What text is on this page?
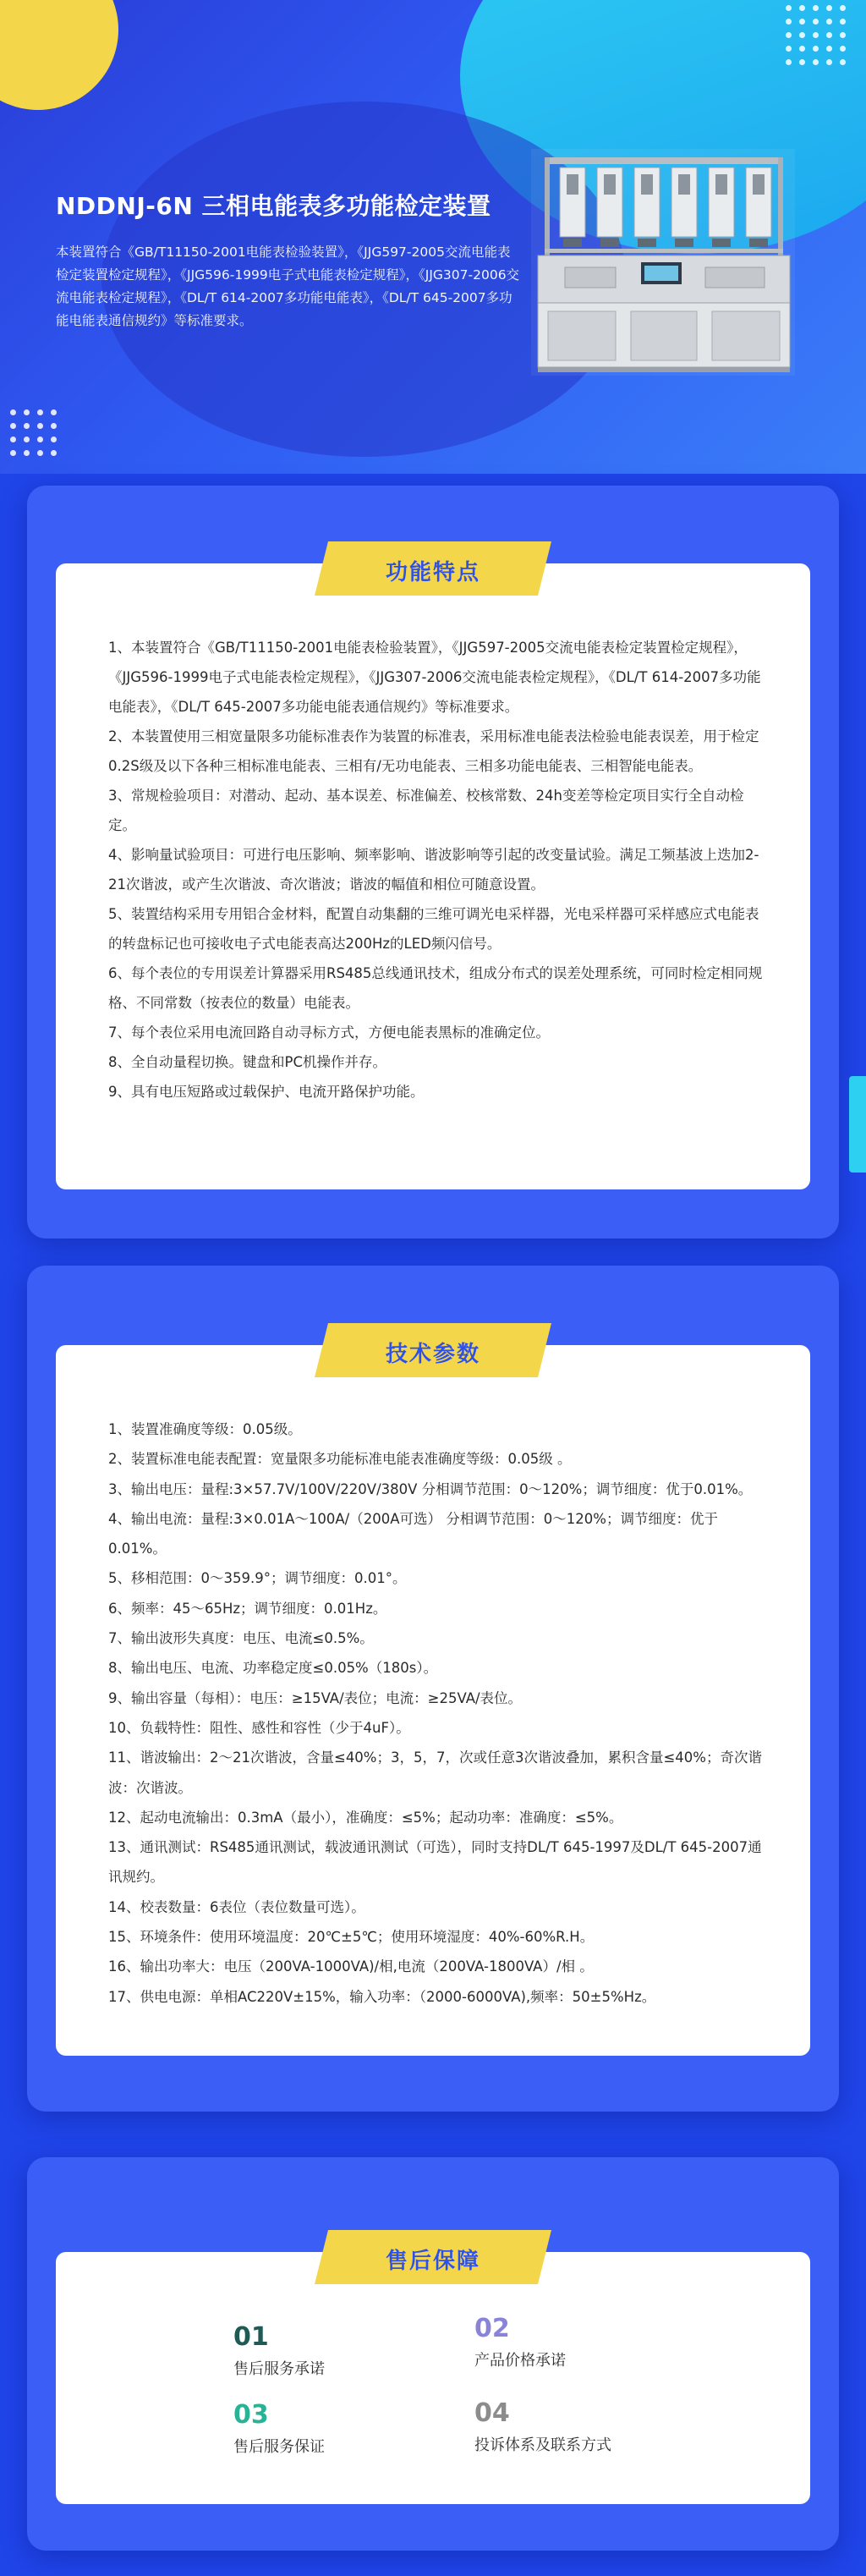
NDDNJ-6N 三相电能表多功能检定装置

本装置符合《GB/T11150-2001电能表检验装置》，《JJG597-2005交流电能表检定装置检定规程》，《JJG596-1999电子式电能表检定规程》，《JJG307-2006交流电能表检定规程》，《DL/T 614-2007多功能电能表》，《DL/T 645-2007多功能电能表通信规约》等标准要求。

功能特点
1、本装置符合《GB/T11150-2001电能表检验装置》，《JJG597-2005交流电能表检定装置检定规程》，《JJG596-1999电子式电能表检定规程》，《JJG307-2006交流电能表检定规程》，《DL/T 614-2007多功能电能表》，《DL/T 645-2007多功能电能表通信规约》等标准要求。
2、本装置使用三相宽量限多功能标准表作为装置的标准表，采用标准电能表法检验电能表误差，用于检定0.2S级及以下各种三相标准电能表、三相有/无功电能表、三相多功能电能表、三相智能电能表。
3、常规检验项目：对潜动、起动、基本误差、标准偏差、校核常数、24h变差等检定项目实行全自动检定。
4、影响量试验项目：可进行电压影响、频率影响、谐波影响等引起的改变量试验。满足工频基波上迭加2-21次谐波，或产生次谐波、奇次谐波；谐波的幅值和相位可随意设置。
5、装置结构采用专用铝合金材料，配置自动集翻的三维可调光电采样器，光电采样器可采样感应式电能表的转盘标记也可接收电子式电能表高达200Hz的LED频闪信号。
6、每个表位的专用误差计算器采用RS485总线通讯技术，组成分布式的误差处理系统，可同时检定相同规格、不同常数（按表位的数量）电能表。
7、每个表位采用电流回路自动寻标方式，方便电能表黑标的准确定位。
8、全自动量程切换。键盘和PC机操作并存。
9、具有电压短路或过载保护、电流开路保护功能。
技术参数
1、装置准确度等级：0.05级。
2、装置标准电能表配置：宽量限多功能标准电能表准确度等级：0.05级 。
3、输出电压：量程:3×57.7V/100V/220V/380V 分相调节范围：0～120%；调节细度：优于0.01%。
4、输出电流：量程:3×0.01A～100A/（200A可选） 分相调节范围：0～120%；调节细度：优于0.01%。
5、移相范围：0～359.9°；调节细度：0.01°。
6、频率：45～65Hz；调节细度：0.01Hz。
7、输出波形失真度：电压、电流≤0.5%。
8、输出电压、电流、功率稳定度≤0.05%（180s）。
9、输出容量（每相）：电压：≥15VA/表位；电流：≥25VA/表位。
10、负载特性：阻性、感性和容性（少于4uF）。
11、谐波输出：2～21次谐波，含量≤40%；3，5，7，次或任意3次谐波叠加，累积含量≤40%；奇次谐波：次谐波。
12、起动电流输出：0.3mA（最小），准确度：≤5%；起动功率：准确度：≤5%。
13、通讯测试：RS485通讯测试，载波通讯测试（可选），同时支持DL/T 645-1997及DL/T 645-2007通讯规约。
14、校表数量：6表位（表位数量可选）。
15、环境条件：使用环境温度：20℃±5℃；使用环境湿度：40%-60%R.H。
16、输出功率大：电压（200VA-1000VA)/相,电流（200VA-1800VA）/相 。
17、供电电源：单相AC220V±15%，输入功率：（2000-6000VA),频率：50±5%Hz。
售后保障
01
售后服务承诺
02
产品价格承诺
03
售后服务保证
04
投诉体系及联系方式
